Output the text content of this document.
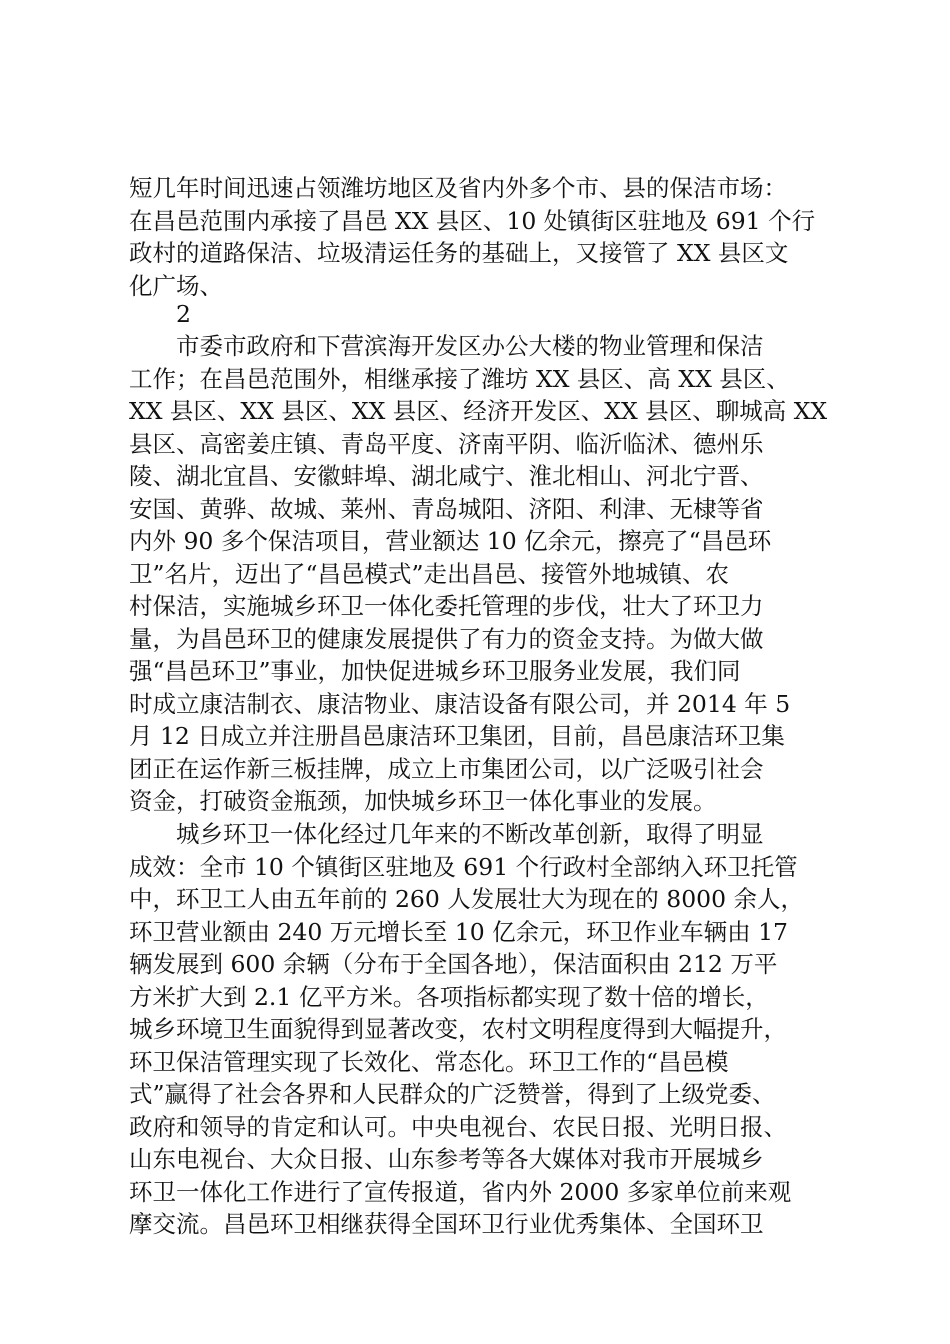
短几年时间迅速占领潍坊地区及省内外多个市、县的保洁市场：

在昌邑范围内承接了昌邑 XX 县区、10 处镇街区驻地及 691 个行

政村的道路保洁、垃圾清运任务的基础上，又接管了 XX 县区文

化广场、

2

市委市政府和下营滨海开发区办公大楼的物业管理和保洁

工作；在昌邑范围外，相继承接了潍坊 XX 县区、高 XX 县区、

XX 县区、XX 县区、XX 县区、经济开发区、XX 县区、聊城高 XX

县区、高密姜庄镇、青岛平度、济南平阴、临沂临沭、德州乐

陵、湖北宜昌、安徽蚌埠、湖北咸宁、淮北相山、河北宁晋、

安国、黄骅、故城、莱州、青岛城阳、济阳、利津、无棣等省

内外 90 多个保洁项目，营业额达 10 亿余元，擦亮了“昌邑环

卫”名片，迈出了“昌邑模式”走出昌邑、接管外地城镇、农

村保洁，实施城乡环卫一体化委托管理的步伐，壮大了环卫力

量，为昌邑环卫的健康发展提供了有力的资金支持。为做大做

强“昌邑环卫”事业，加快促进城乡环卫服务业发展，我们同

时成立康洁制衣、康洁物业、康洁设备有限公司，并 2014 年 5

月 12 日成立并注册昌邑康洁环卫集团，目前，昌邑康洁环卫集

团正在运作新三板挂牌，成立上市集团公司，以广泛吸引社会

资金，打破资金瓶颈，加快城乡环卫一体化事业的发展。

城乡环卫一体化经过几年来的不断改革创新，取得了明显

成效：全市 10 个镇街区驻地及 691 个行政村全部纳入环卫托管

中，环卫工人由五年前的 260 人发展壮大为现在的 8000 余人，

环卫营业额由 240 万元增长至 10 亿余元，环卫作业车辆由 17

辆发展到 600 余辆（分布于全国各地），保洁面积由 212 万平

方米扩大到 2.1 亿平方米。各项指标都实现了数十倍的增长，

城乡环境卫生面貌得到显著改变，农村文明程度得到大幅提升，

环卫保洁管理实现了长效化、常态化。环卫工作的“昌邑模

式”赢得了社会各界和人民群众的广泛赞誉，得到了上级党委、

政府和领导的肯定和认可。中央电视台、农民日报、光明日报、

山东电视台、大众日报、山东参考等各大媒体对我市开展城乡

环卫一体化工作进行了宣传报道，省内外 2000 多家单位前来观

摩交流。昌邑环卫相继获得全国环卫行业优秀集体、全国环卫
